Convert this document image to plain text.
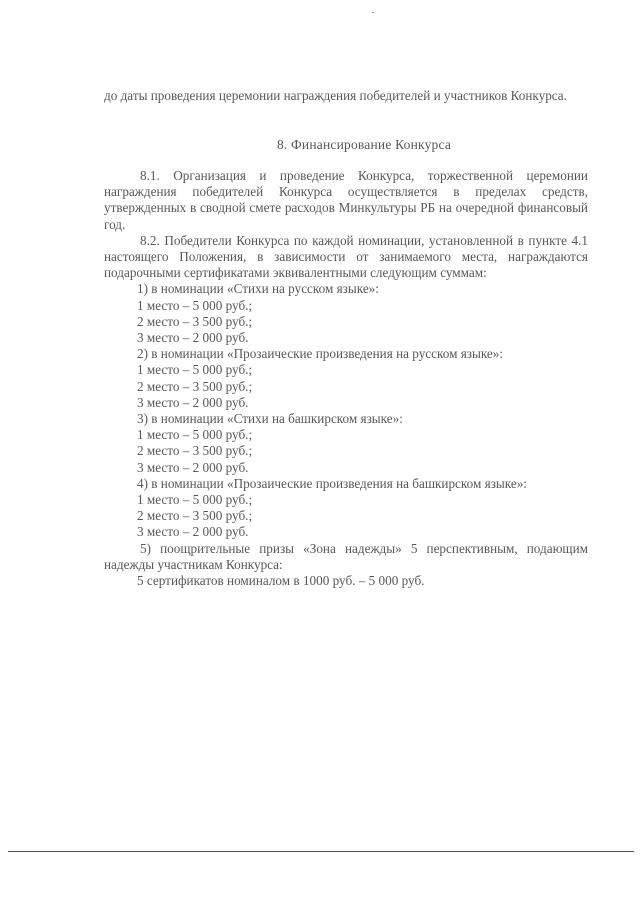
до даты проведения церемонии награждения победителей и участников Конкурса.

8. Финансирование Конкурса

8.1. Организация и проведение Конкурса, торжественной церемонии награждения победителей Конкурса осуществляется в пределах средств, утвержденных в сводной смете расходов Минкультуры РБ на очередной финансовый год.

8.2. Победители Конкурса по каждой номинации, установленной в пункте 4.1 настоящего Положения, в зависимости от занимаемого места, награждаются подарочными сертификатами эквивалентными следующим суммам:

1) в номинации «Стихи на русском языке»:

1 место – 5 000 руб.;

2 место – 3 500 руб.;

3 место – 2 000 руб.

2) в номинации «Прозаические произведения на русском языке»:

1 место – 5 000 руб.;

2 место – 3 500 руб.;

3 место – 2 000 руб.

3) в номинации «Стихи на башкирском языке»:

1 место – 5 000 руб.;

2 место – 3 500 руб.;

3 место – 2 000 руб.

4) в номинации «Прозаические произведения на башкирском языке»:

1 место – 5 000 руб.;

2 место – 3 500 руб.;

3 место – 2 000 руб.

5) поощрительные призы «Зона надежды» 5 перспективным, подающим надежды участникам Конкурса:

5 сертификатов номиналом в 1000 руб. – 5 000 руб.
